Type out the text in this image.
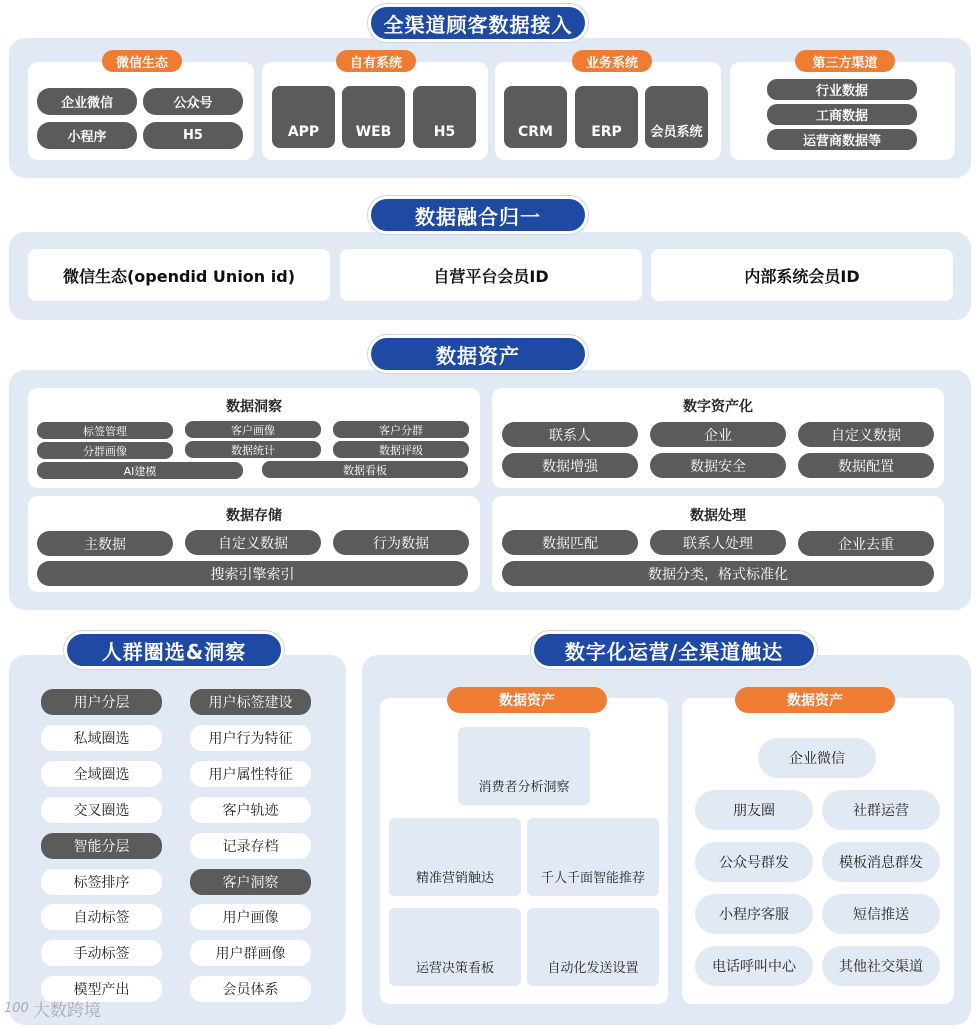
全渠道顾客数据接入
微信生态
企业微信	公众号
小程序	H5
自有系统
APP	WEB	H5
业务系统
CRM	ERP	会员系统
第三方渠道
行业数据
工商数据
运营商数据等
数据融合归一
微信生态(opendid Union id)	自营平台会员ID	内部系统会员ID
数据资产
数据洞察
标签管理	客户画像	客户分群
分群画像	数据统计	数据评级
AI建模	数据看板
数字资产化
联系人	企业	自定义数据
数据增强	数据安全	数据配置
数据存储
主数据	自定义数据	行为数据
搜索引擎索引
数据处理
数据匹配	联系人处理	企业去重
数据分类，格式标准化
人群圈选&洞察
用户分层
私域圈选
全域圈选
交叉圈选
智能分层
标签排序
自动标签
手动标签
模型产出
用户标签建设
用户行为特征
用户属性特征
客户轨迹
记录存档
客户洞察
用户画像
用户群画像
会员体系
数字化运营/全渠道触达
数据资产
消费者分析洞察
精准营销触达	千人千面智能推荐
运营决策看板	自动化发送设置
数据资产
企业微信
朋友圈	社群运营
公众号群发	模板消息群发
小程序客服	短信推送
电话呼叫中心	其他社交渠道
100 大数跨境
